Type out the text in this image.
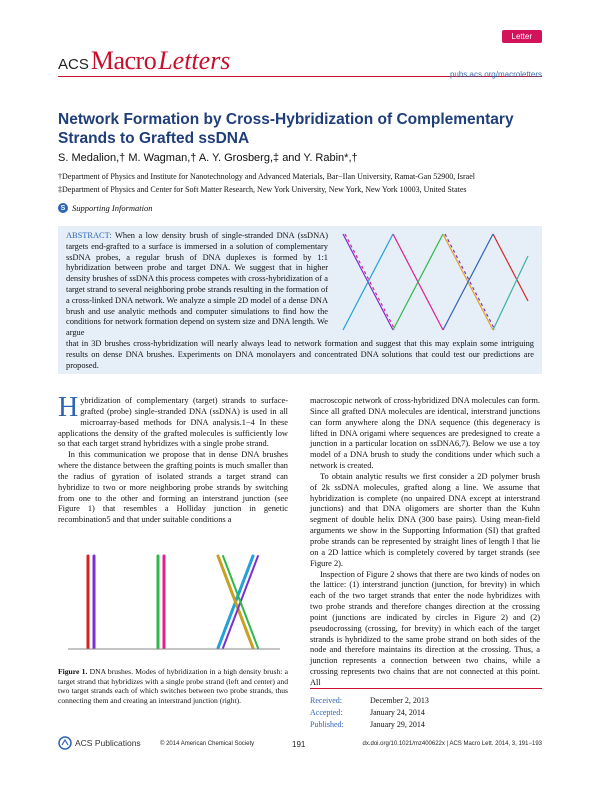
Letter
ACS Macro Letters	pubs.acs.org/macroletters
Network Formation by Cross-Hybridization of Complementary Strands to Grafted ssDNA
S. Medalion,† M. Wagman,† A. Y. Grosberg,‡ and Y. Rabin*,†
†Department of Physics and Institute for Nanotechnology and Advanced Materials, Bar−Ilan University, Ramat-Gan 52900, Israel
‡Department of Physics and Center for Soft Matter Research, New York University, New York, New York 10003, United States
S Supporting Information

ABSTRACT: When a low density brush of single-stranded DNA (ssDNA) targets end-grafted to a surface is immersed in a solution of complementary ssDNA probes, a regular brush of DNA duplexes is formed by 1:1 hybridization between probe and target DNA. We suggest that in higher density brushes of ssDNA this process competes with cross-hybridization of a target strand to several neighboring probe strands resulting in the formation of a cross-linked DNA network. We analyze a simple 2D model of a dense DNA brush and use analytic methods and computer simulations to find how the conditions for network formation depend on system size and DNA length. We argue

that in 3D brushes cross-hybridization will nearly always lead to network formation and suggest that this may explain some intriguing results on dense DNA brushes. Experiments on DNA monolayers and concentrated DNA solutions that could test our predictions are proposed.

Hybridization of complementary (target) strands to surface-grafted (probe) single-stranded DNA (ssDNA) is used in all microarray-based methods for DNA analysis.1−4 In these applications the density of the grafted molecules is sufficiently low so that each target strand hybridizes with a single probe strand.

In this communication we propose that in dense DNA brushes where the distance between the grafting points is much smaller than the radius of gyration of isolated strands a target strand can hybridize to two or more neighboring probe strands by switching from one to the other and forming an interstrand junction (see Figure 1) that resembles a Holliday junction in genetic recombination5 and that under suitable conditions a

Figure 1. DNA brushes. Modes of hybridization in a high density brush: a target strand that hybridizes with a single probe strand (left and center) and two target strands each of which switches between two probe strands, thus connecting them and creating an interstrand junction (right).

macroscopic network of cross-hybridized DNA molecules can form. Since all grafted DNA molecules are identical, interstrand junctions can form anywhere along the DNA sequence (this degeneracy is lifted in DNA origami where sequences are predesigned to create a junction in a particular location on ssDNA6,7). Below we use a toy model of a DNA brush to study the conditions under which such a network is created.

To obtain analytic results we first consider a 2D polymer brush of 2k ssDNA molecules, grafted along a line. We assume that hybridization is complete (no unpaired DNA except at interstrand junctions) and that DNA oligomers are shorter than the Kuhn segment of double helix DNA (300 base pairs). Using mean-field arguments we show in the Supporting Information (SI) that grafted probe strands can be represented by straight lines of length l that lie on a 2D lattice which is completely covered by target strands (see Figure 2).

Inspection of Figure 2 shows that there are two kinds of nodes on the lattice: (1) interstrand junction (junction, for brevity) in which each of the two target strands that enter the node hybridizes with two probe strands and therefore changes direction at the crossing point (junctions are indicated by circles in Figure 2) and (2) pseudocrossing (crossing, for brevity) in which each of the target strands is hybridized to the same probe strand on both sides of the node and therefore maintains its direction at the crossing. Thus, a junction represents a connection between two chains, while a crossing represents two chains that are not connected at this point. All

Received:	December 2, 2013
Accepted:	January 24, 2014
Published:	January 29, 2014
ACS Publications	© 2014 American Chemical Society	191	dx.doi.org/10.1021/mz400622x | ACS Macro Lett. 2014, 3, 191−193
